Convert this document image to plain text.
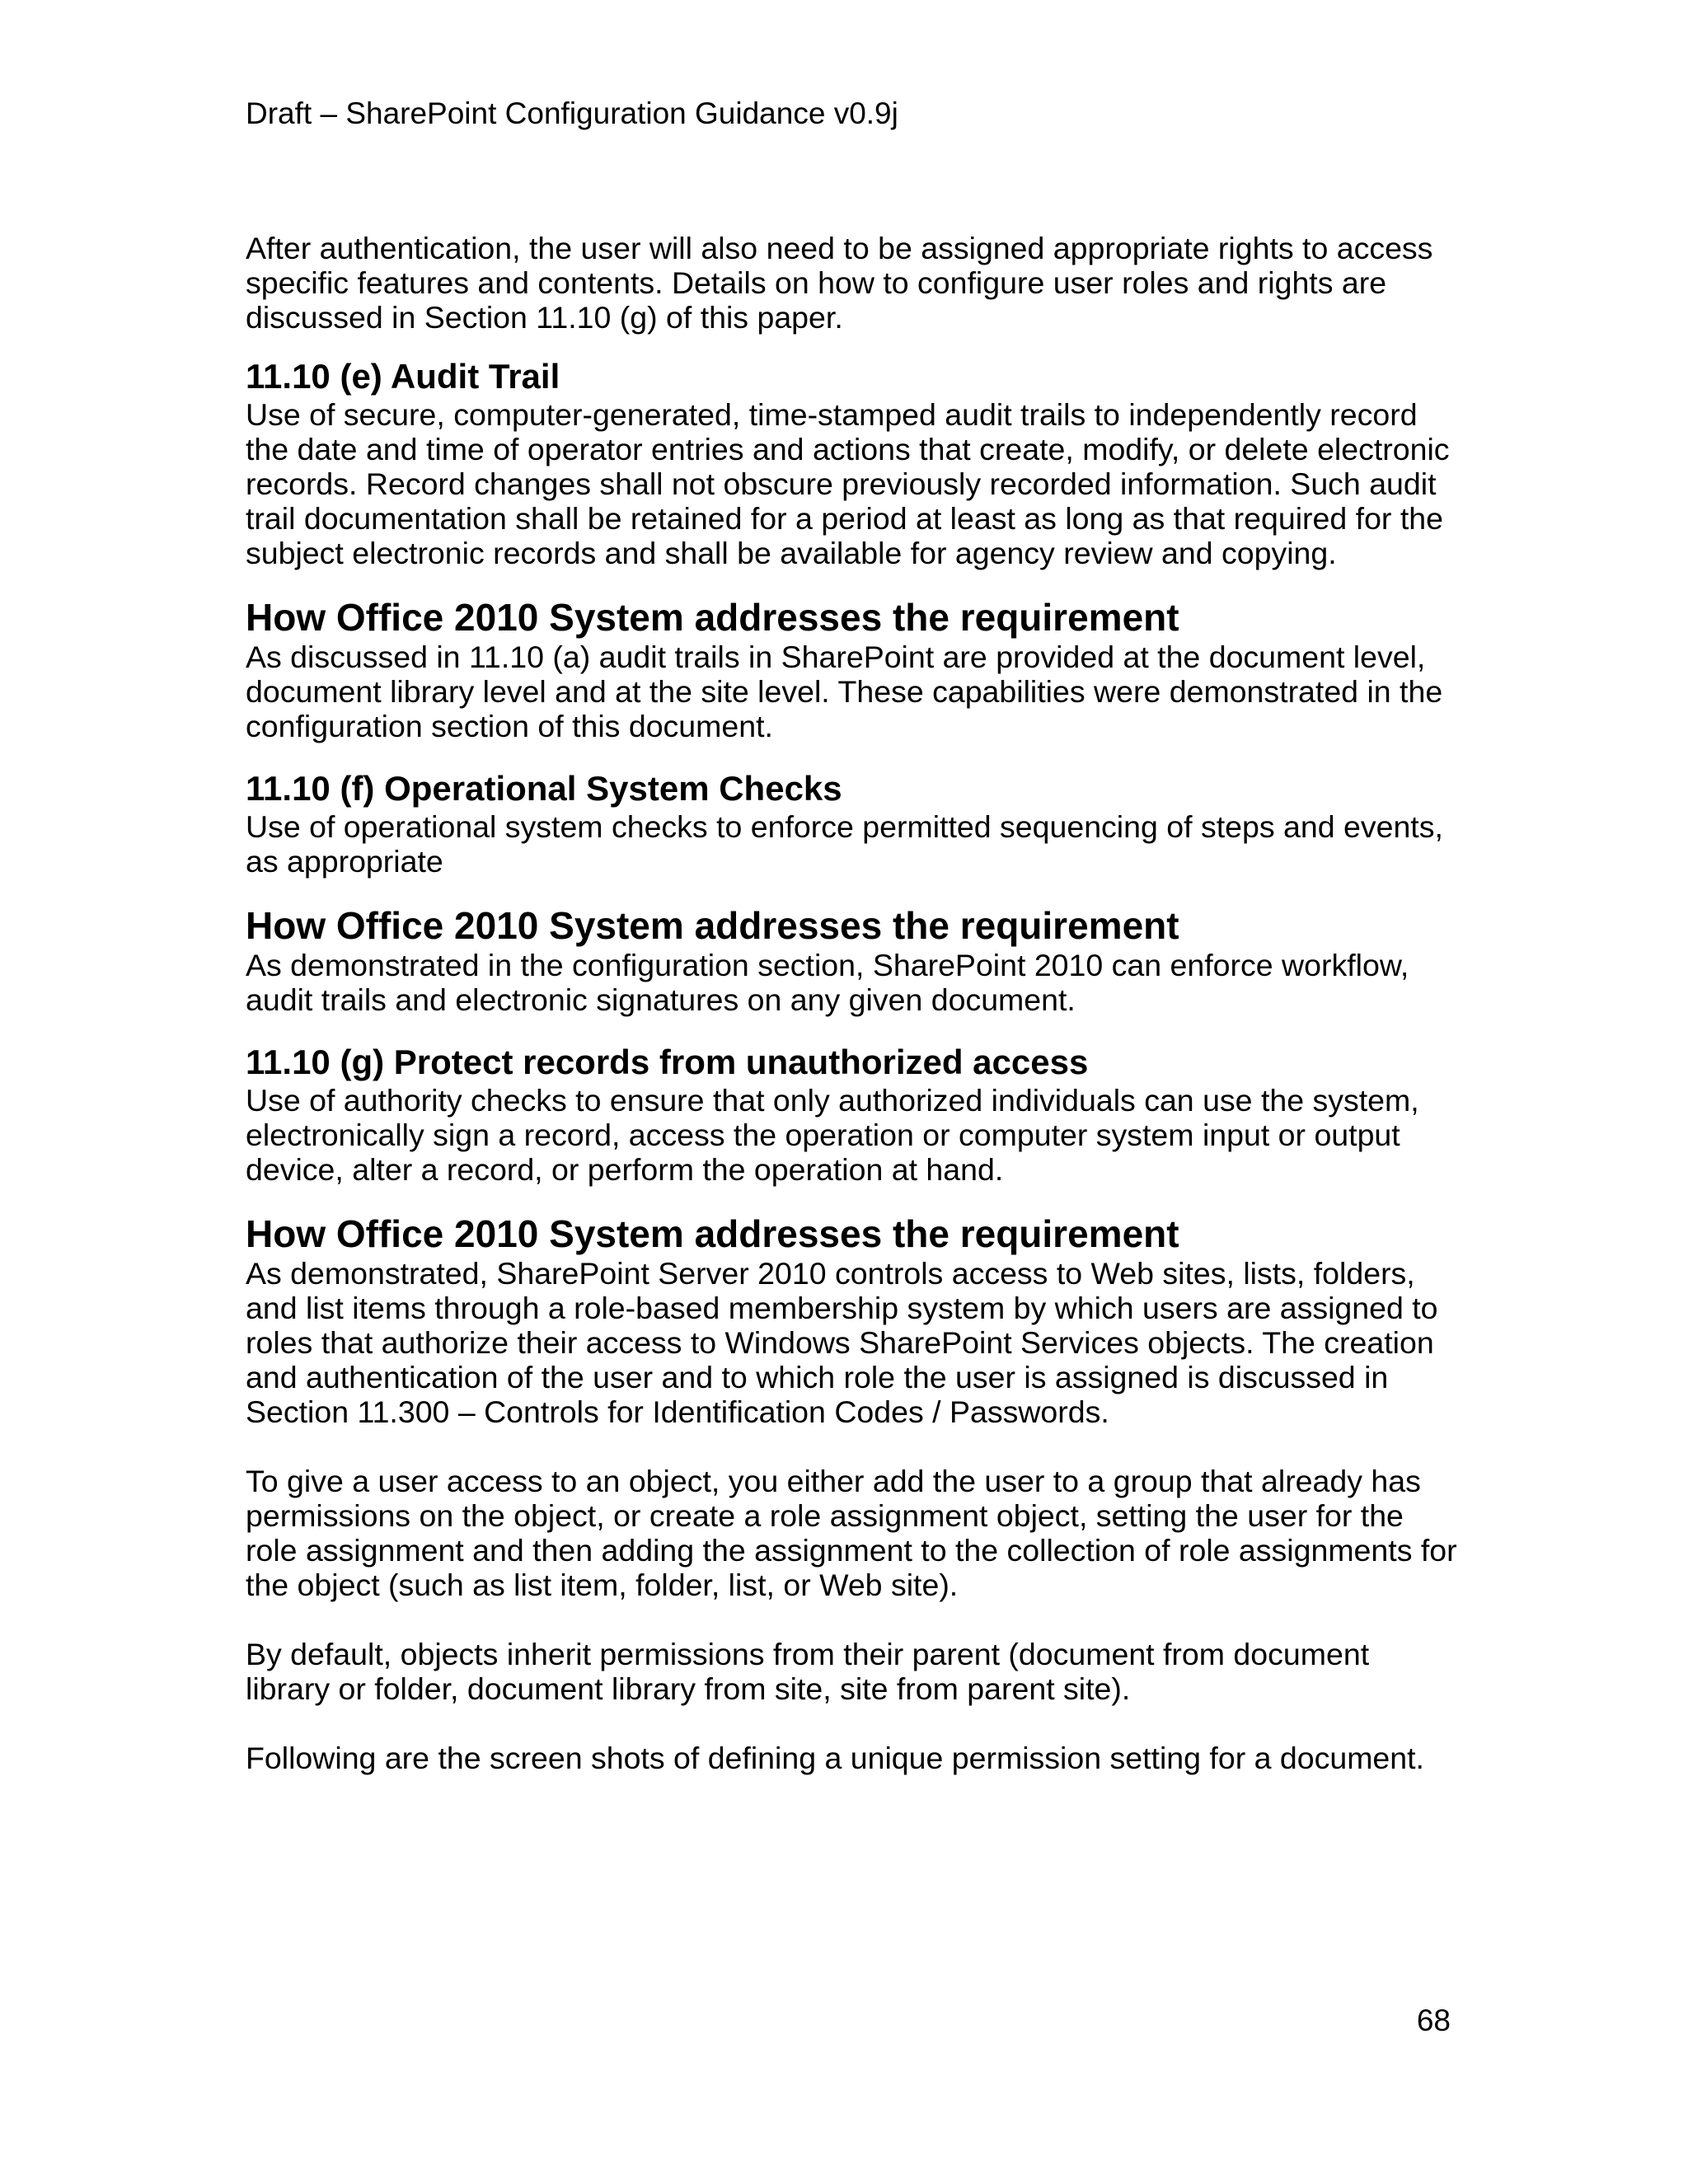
Draft – SharePoint Configuration Guidance v0.9j

After authentication, the user will also need to be assigned appropriate rights to access
specific features and contents. Details on how to configure user roles and rights are
discussed in Section 11.10 (g) of this paper.

11.10 (e) Audit Trail

Use of secure, computer-generated, time-stamped audit trails to independently record
the date and time of operator entries and actions that create, modify, or delete electronic
records. Record changes shall not obscure previously recorded information. Such audit
trail documentation shall be retained for a period at least as long as that required for the
subject electronic records and shall be available for agency review and copying.

How Office 2010 System addresses the requirement

As discussed in 11.10 (a) audit trails in SharePoint are provided at the document level,
document library level and at the site level. These capabilities were demonstrated in the
configuration section of this document.

11.10 (f) Operational System Checks

Use of operational system checks to enforce permitted sequencing of steps and events,
as appropriate

How Office 2010 System addresses the requirement

As demonstrated in the configuration section, SharePoint 2010 can enforce workflow,
audit trails and electronic signatures on any given document.

11.10 (g) Protect records from unauthorized access

Use of authority checks to ensure that only authorized individuals can use the system,
electronically sign a record, access the operation or computer system input or output
device, alter a record, or perform the operation at hand.

How Office 2010 System addresses the requirement

As demonstrated, SharePoint Server 2010 controls access to Web sites, lists, folders,
and list items through a role-based membership system by which users are assigned to
roles that authorize their access to Windows SharePoint Services objects. The creation
and authentication of the user and to which role the user is assigned is discussed in
Section 11.300 – Controls for Identification Codes / Passwords.

To give a user access to an object, you either add the user to a group that already has
permissions on the object, or create a role assignment object, setting the user for the
role assignment and then adding the assignment to the collection of role assignments for
the object (such as list item, folder, list, or Web site).

By default, objects inherit permissions from their parent (document from document
library or folder, document library from site, site from parent site).

Following are the screen shots of defining a unique permission setting for a document.

68
